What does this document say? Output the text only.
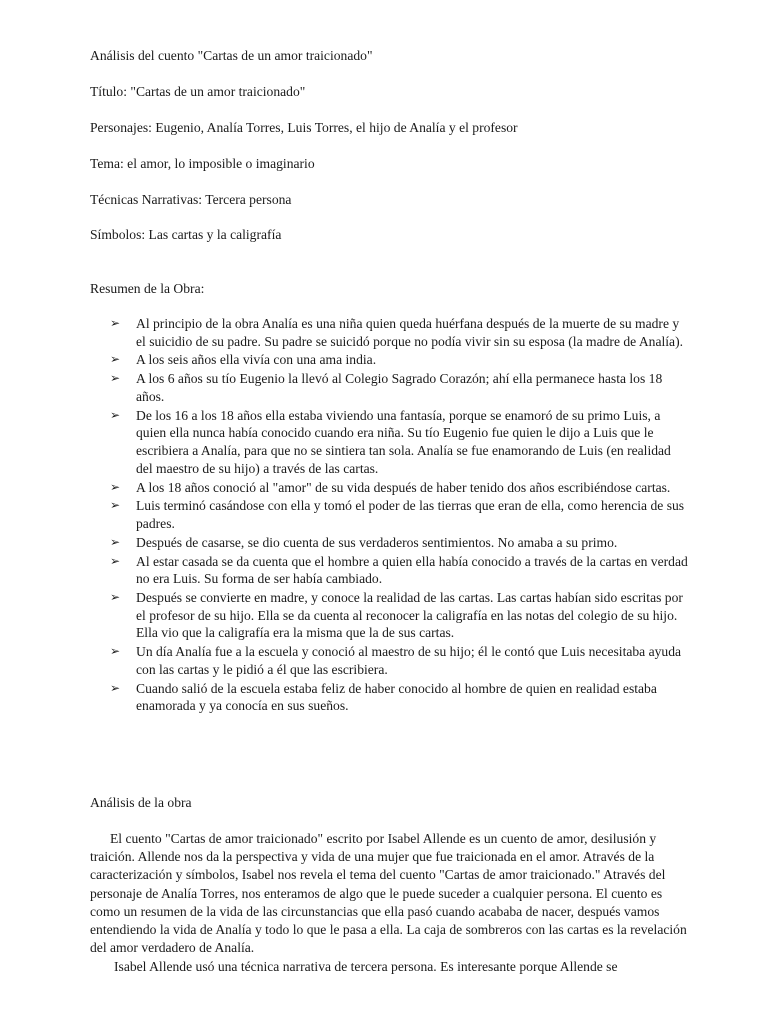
Análisis del cuento "Cartas de un amor traicionado"
Título: "Cartas de un amor traicionado"
Personajes: Eugenio, Analía Torres, Luis Torres, el hijo de Analía y el profesor
Tema: el amor, lo imposible o imaginario
Técnicas Narrativas: Tercera persona
Símbolos: Las cartas y la caligrafía
Resumen de la Obra:
➢ Al principio de la obra Analía es una niña quien queda huérfana después de la muerte de su madre y el suicidio de su padre. Su padre se suicidó porque no podía vivir sin su esposa (la madre de Analía).
➢ A los seis años ella vivía con una ama india.
➢ A los 6 años su tío Eugenio la llevó al Colegio Sagrado Corazón; ahí ella permanece hasta los 18 años.
➢ De los 16 a los 18 años ella estaba viviendo una fantasía, porque se enamoró de su primo Luis, a quien ella nunca había conocido cuando era niña. Su tío Eugenio fue quien le dijo a Luis que le escribiera a Analía, para que no se sintiera tan sola. Analía se fue enamorando de Luis (en realidad del maestro de su hijo) a través de las cartas.
➢ A los 18 años conoció al "amor" de su vida después de haber tenido dos años escribiéndose cartas.
➢ Luis terminó casándose con ella y tomó el poder de las tierras que eran de ella, como herencia de sus padres.
➢ Después de casarse, se dio cuenta de sus verdaderos sentimientos. No amaba a su primo.
➢ Al estar casada se da cuenta que el hombre a quien ella había conocido a través de la cartas en verdad no era Luis. Su forma de ser había cambiado.
➢ Después se convierte en madre, y conoce la realidad de las cartas. Las cartas habían sido escritas por el profesor de su hijo. Ella se da cuenta al reconocer la caligrafía en las notas del colegio de su hijo. Ella vio que la caligrafía era la misma que la de sus cartas.
➢ Un día Analía fue a la escuela y conoció al maestro de su hijo; él le contó que Luis necesitaba ayuda con las cartas y le pidió a él que las escribiera.
➢ Cuando salió de la escuela estaba feliz de haber conocido al hombre de quien en realidad estaba enamorada y ya conocía en sus sueños.
Análisis de la obra

El cuento "Cartas de amor traicionado" escrito por Isabel Allende es un cuento de amor, desilusión y traición. Allende nos da la perspectiva y vida de una mujer que fue traicionada en el amor. Através de la caracterización y símbolos, Isabel nos revela el tema del cuento "Cartas de amor traicionado." Através del personaje de Analía Torres, nos enteramos de algo que le puede suceder a cualquier persona. El cuento es como un resumen de la vida de las circunstancias que ella pasó cuando acababa de nacer, después vamos entendiendo la vida de Analía y todo lo que le pasa a ella. La caja de sombreros con las cartas es la revelación del amor verdadero de Analía.

Isabel Allende usó una técnica narrativa de tercera persona. Es interesante porque Allende se
